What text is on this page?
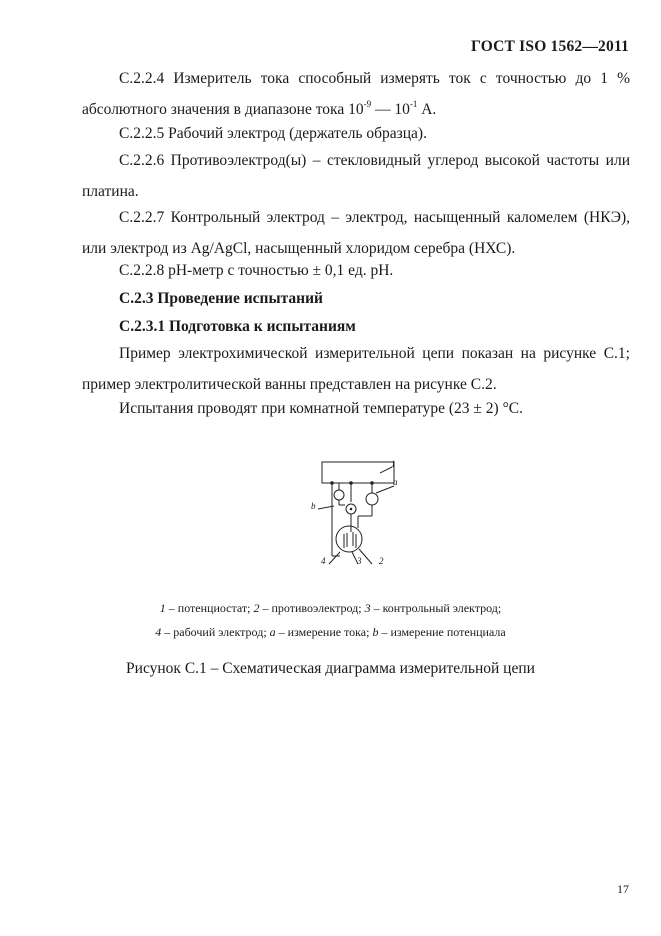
ГОСТ ISO 1562—2011
С.2.2.4 Измеритель тока способный измерять ток с точностью до 1 % абсолютного значения в диапазоне тока $10^{-9}$ — $10^{-1}$ А.
С.2.2.5 Рабочий электрод (держатель образца).
С.2.2.6 Противоэлектрод(ы) – стекловидный углерод высокой частоты или платина.
С.2.2.7 Контрольный электрод – электрод, насыщенный каломелем (НКЭ), или электрод из Ag/AgCl, насыщенный хлоридом серебра (НХС).
С.2.2.8 рН-метр с точностью ± 0,1 ед. рН.
С.2.3 Проведение испытаний
С.2.3.1 Подготовка к испытаниям
Пример электрохимической измерительной цепи показан на рисунке С.1; пример электролитической ванны представлен на рисунке С.2.
Испытания проводят при комнатной температуре (23 ± 2) °С.
1
a
b
4	3 2
1 – потенциостат; 2 – противоэлектрод; 3 – контрольный электрод;
4 – рабочий электрод; a – измерение тока; b – измерение потенциала
Рисунок С.1 – Схематическая диаграмма измерительной цепи
17
